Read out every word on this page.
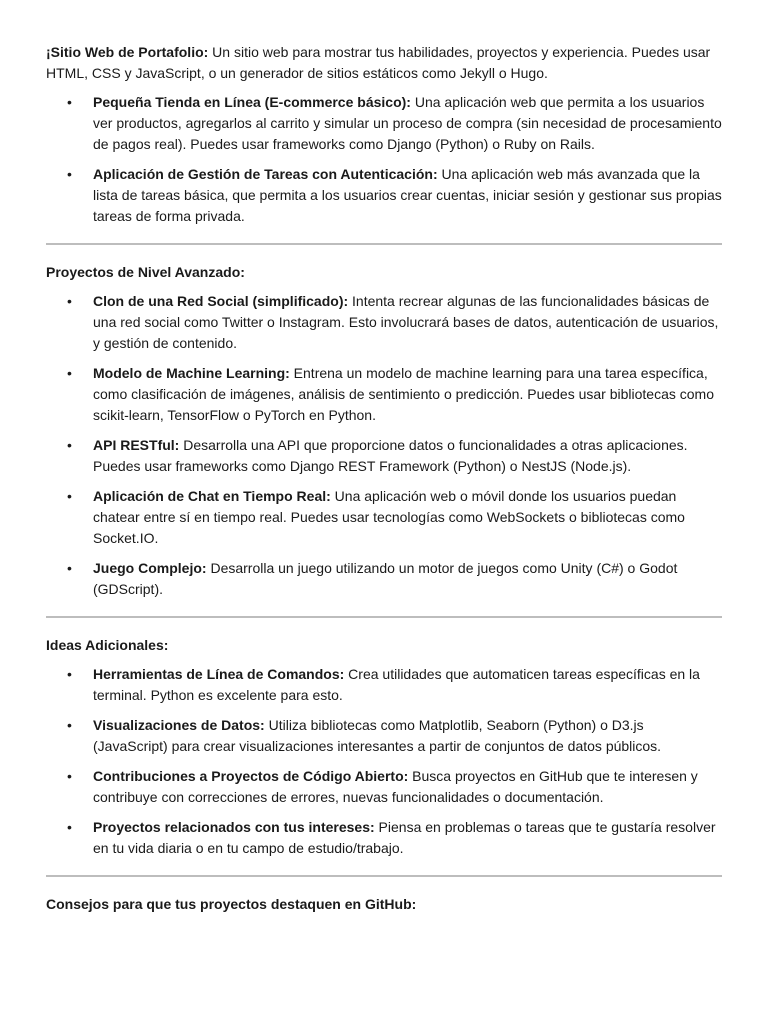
¡Sitio Web de Portafolio: Un sitio web para mostrar tus habilidades, proyectos y experiencia. Puedes usar HTML, CSS y JavaScript, o un generador de sitios estáticos como Jekyll o Hugo.

• Pequeña Tienda en Línea (E-commerce básico): Una aplicación web que permita a los usuarios ver productos, agregarlos al carrito y simular un proceso de compra (sin necesidad de procesamiento de pagos real). Puedes usar frameworks como Django (Python) o Ruby on Rails.
• Aplicación de Gestión de Tareas con Autenticación: Una aplicación web más avanzada que la lista de tareas básica, que permita a los usuarios crear cuentas, iniciar sesión y gestionar sus propias tareas de forma privada.
Proyectos de Nivel Avanzado:
• Clon de una Red Social (simplificado): Intenta recrear algunas de las funcionalidades básicas de una red social como Twitter o Instagram. Esto involucrará bases de datos, autenticación de usuarios, y gestión de contenido.
• Modelo de Machine Learning: Entrena un modelo de machine learning para una tarea específica, como clasificación de imágenes, análisis de sentimiento o predicción. Puedes usar bibliotecas como scikit-learn, TensorFlow o PyTorch en Python.
• API RESTful: Desarrolla una API que proporcione datos o funcionalidades a otras aplicaciones. Puedes usar frameworks como Django REST Framework (Python) o NestJS (Node.js).
• Aplicación de Chat en Tiempo Real: Una aplicación web o móvil donde los usuarios puedan chatear entre sí en tiempo real. Puedes usar tecnologías como WebSockets o bibliotecas como Socket.IO.
• Juego Complejo: Desarrolla un juego utilizando un motor de juegos como Unity (C#) o Godot (GDScript).
Ideas Adicionales:
• Herramientas de Línea de Comandos: Crea utilidades que automaticen tareas específicas en la terminal. Python es excelente para esto.
• Visualizaciones de Datos: Utiliza bibliotecas como Matplotlib, Seaborn (Python) o D3.js (JavaScript) para crear visualizaciones interesantes a partir de conjuntos de datos públicos.
• Contribuciones a Proyectos de Código Abierto: Busca proyectos en GitHub que te interesen y contribuye con correcciones de errores, nuevas funcionalidades o documentación.
• Proyectos relacionados con tus intereses: Piensa en problemas o tareas que te gustaría resolver en tu vida diaria o en tu campo de estudio/trabajo.
Consejos para que tus proyectos destaquen en GitHub:
